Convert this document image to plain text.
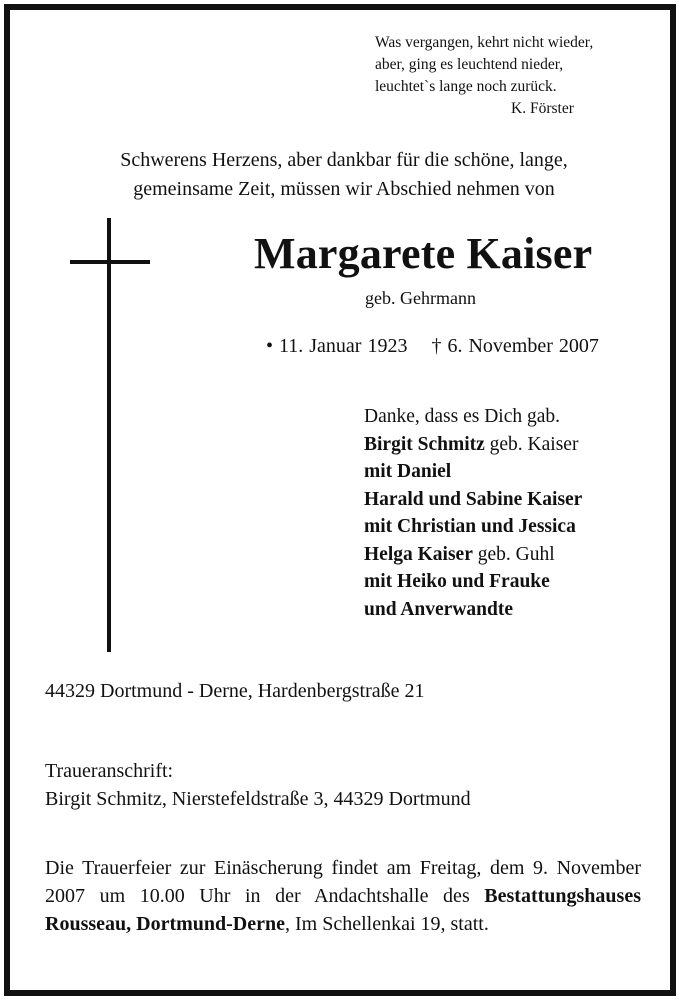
Was vergangen, kehrt nicht wieder,
aber, ging es leuchtend nieder,
leuchtet`s lange noch zurück.
K. Förster
Schwerens Herzens, aber dankbar für die schöne, lange,
gemeinsame Zeit, müssen wir Abschied nehmen von
Margarete Kaiser
geb. Gehrmann
• 11. Januar 1923 † 6. November 2007
Danke, dass es Dich gab.
Birgit Schmitz geb. Kaiser
mit Daniel
Harald und Sabine Kaiser
mit Christian und Jessica
Helga Kaiser geb. Guhl
mit Heiko und Frauke
und Anverwandte
44329 Dortmund - Derne, Hardenbergstraße 21
Traueranschrift:
Birgit Schmitz, Nierstefeldstraße 3, 44329 Dortmund
Die Trauerfeier zur Einäscherung findet am Freitag, dem 9. November 2007 um 10.00 Uhr in der Andachtshalle des Bestattungshauses Rousseau, Dortmund-Derne, Im Schellenkai 19, statt.
